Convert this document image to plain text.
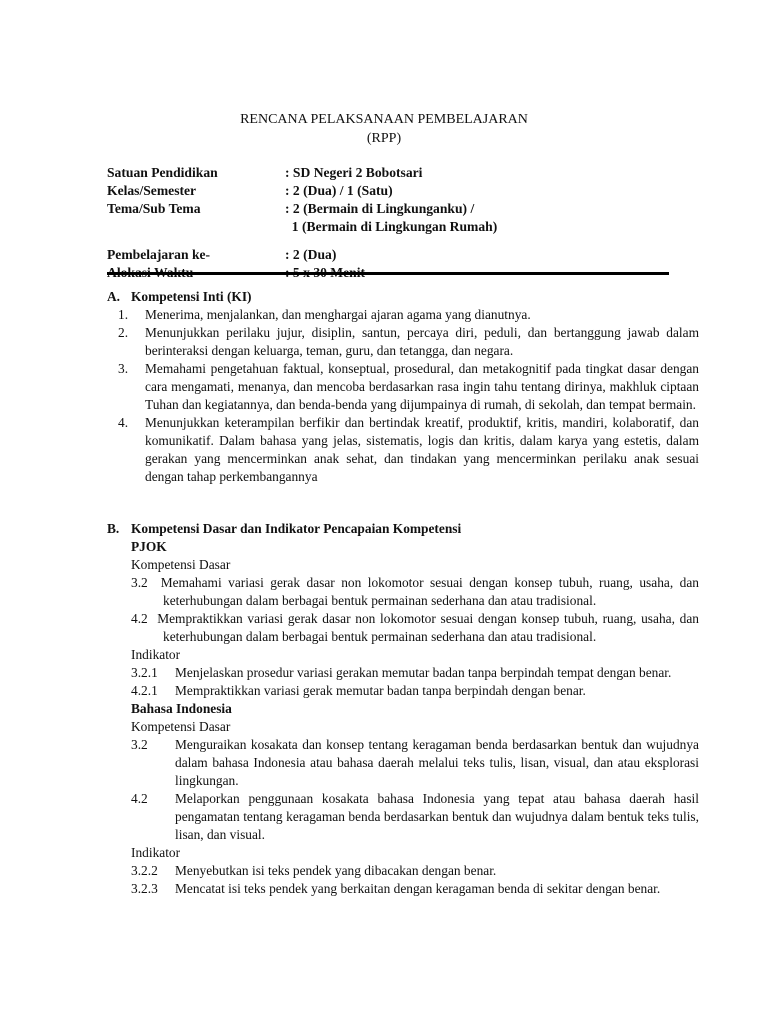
RENCANA PELAKSANAAN PEMBELAJARAN
(RPP)
Satuan Pendidikan	: SD Negeri 2 Bobotsari
Kelas/Semester	: 2 (Dua) / 1 (Satu)
Tema/Sub Tema	: 2 (Bermain di Lingkunganku) /
1 (Bermain di Lingkungan Rumah)
Pembelajaran ke-	: 2 (Dua)
Alokasi Waktu	: 5 x 30 Menit
A. Kompetensi Inti (KI)
1.	Menerima, menjalankan, dan menghargai ajaran agama yang dianutnya.
2.	Menunjukkan perilaku jujur, disiplin, santun, percaya diri, peduli, dan bertanggung jawab dalam berinteraksi dengan keluarga, teman, guru, dan tetangga, dan negara.
3.	Memahami pengetahuan faktual, konseptual, prosedural, dan metakognitif pada tingkat dasar dengan cara mengamati, menanya, dan mencoba berdasarkan rasa ingin tahu tentang dirinya, makhluk ciptaan Tuhan dan kegiatannya, dan benda-benda yang dijumpainya di rumah, di sekolah, dan tempat bermain.
4.	Menunjukkan keterampilan berfikir dan bertindak kreatif, produktif, kritis, mandiri, kolaboratif, dan komunikatif. Dalam bahasa yang jelas, sistematis, logis dan kritis, dalam karya yang estetis, dalam gerakan yang mencerminkan anak sehat, dan tindakan yang mencerminkan perilaku anak sesuai dengan tahap perkembangannya
B. Kompetensi Dasar dan Indikator Pencapaian Kompetensi
PJOK
Kompetensi Dasar
3.2 Memahami variasi gerak dasar non lokomotor sesuai dengan konsep tubuh, ruang, usaha, dan keterhubungan dalam berbagai bentuk permainan sederhana dan atau tradisional.
4.2 Mempraktikkan variasi gerak dasar non lokomotor sesuai dengan konsep tubuh, ruang, usaha, dan keterhubungan dalam berbagai bentuk permainan sederhana dan atau tradisional.
Indikator
3.2.1	Menjelaskan prosedur variasi gerakan memutar badan tanpa berpindah tempat dengan benar.
4.2.1	Mempraktikkan variasi gerak memutar badan tanpa berpindah dengan benar.
Bahasa Indonesia
Kompetensi Dasar
3.2	Menguraikan kosakata dan konsep tentang keragaman benda berdasarkan bentuk dan wujudnya dalam bahasa Indonesia atau bahasa daerah melalui teks tulis, lisan, visual, dan atau eksplorasi lingkungan.
4.2	Melaporkan penggunaan kosakata bahasa Indonesia yang tepat atau bahasa daerah hasil pengamatan tentang keragaman benda berdasarkan bentuk dan wujudnya dalam bentuk teks tulis, lisan, dan visual.
Indikator
3.2.2	Menyebutkan isi teks pendek yang dibacakan dengan benar.
3.2.3	Mencatat isi teks pendek yang berkaitan dengan keragaman benda di sekitar dengan benar.
